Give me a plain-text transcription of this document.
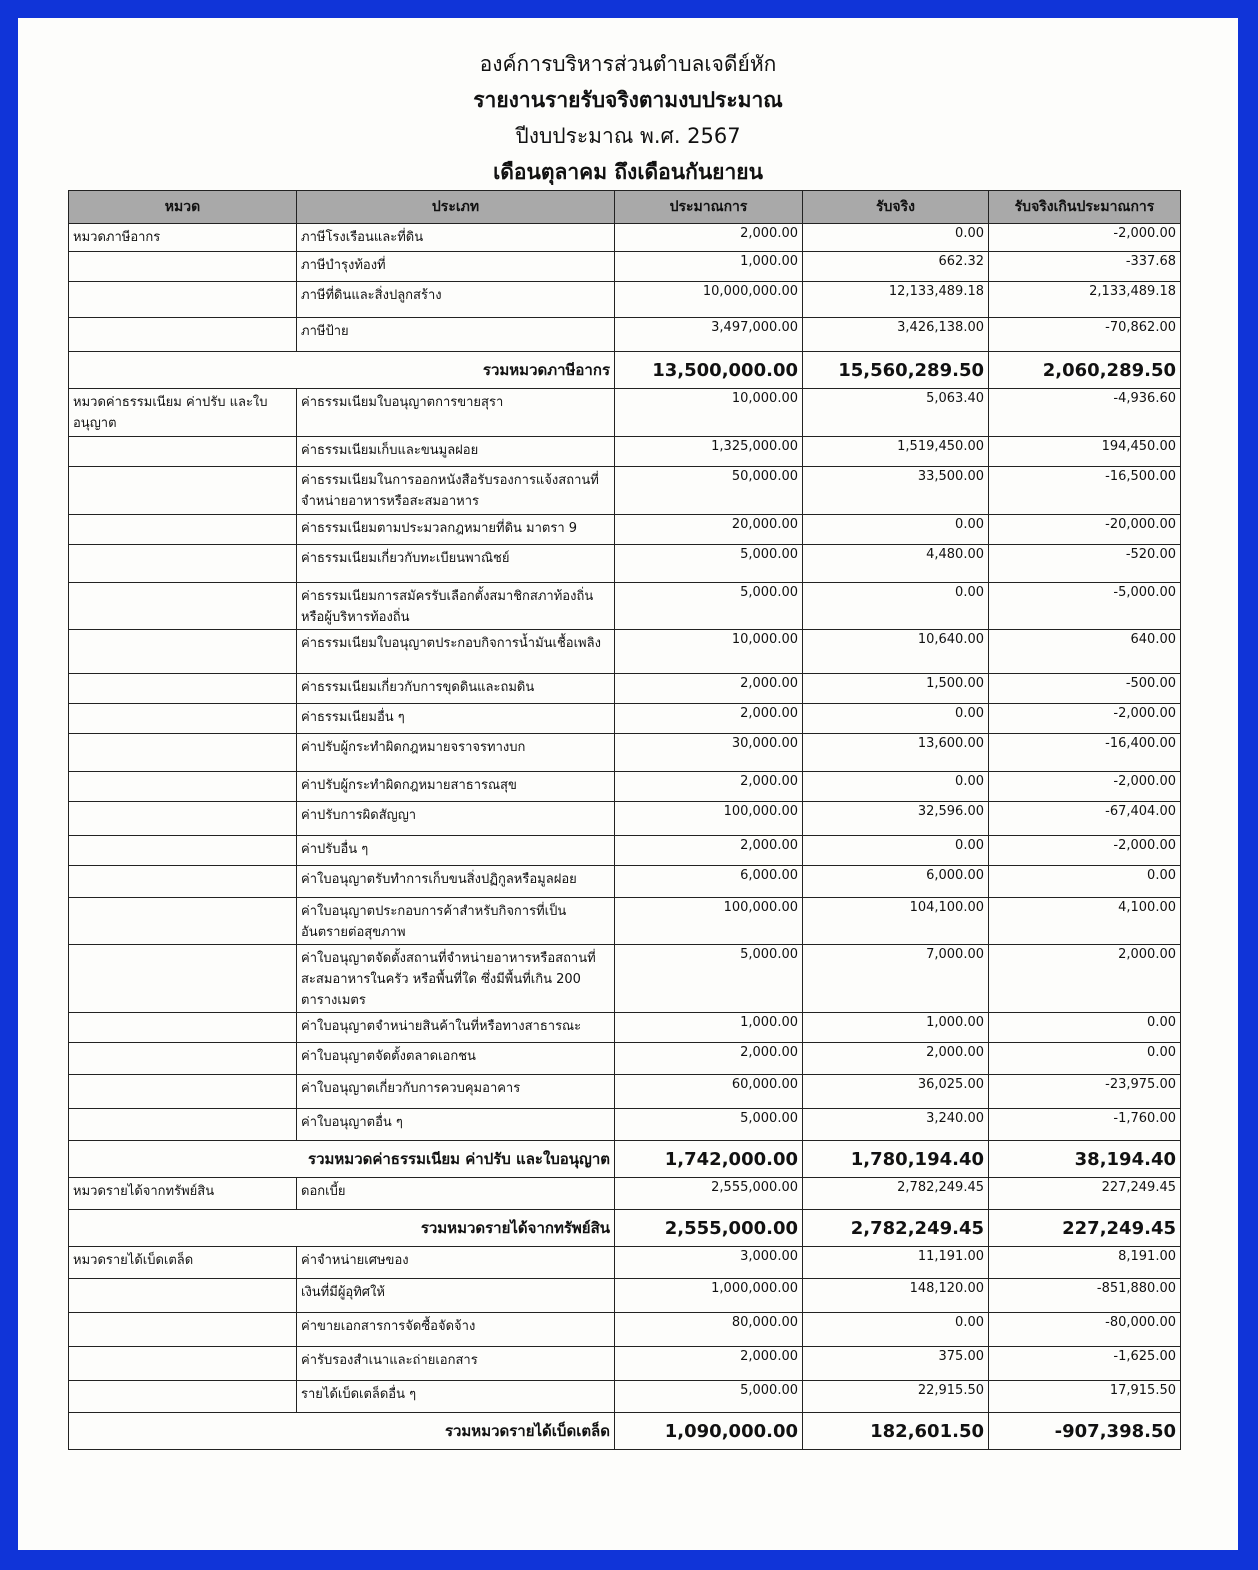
องค์การบริหารส่วนตำบลเจดีย์หัก
รายงานรายรับจริงตามงบประมาณ
ปีงบประมาณ พ.ศ. 2567
เดือนตุลาคม ถึงเดือนกันยายน
หมวด	ประเภท	ประมาณการ	รับจริง	รับจริงเกินประมาณการ
หมวดภาษีอากร	ภาษีโรงเรือนและที่ดิน	2,000.00	0.00	-2,000.00
	ภาษีบำรุงท้องที่	1,000.00	662.32	-337.68
	ภาษีที่ดินและสิ่งปลูกสร้าง	10,000,000.00	12,133,489.18	2,133,489.18
	ภาษีป้าย	3,497,000.00	3,426,138.00	-70,862.00
รวมหมวดภาษีอากร		13,500,000.00	15,560,289.50	2,060,289.50
หมวดค่าธรรมเนียม ค่าปรับ และใบอนุญาต	ค่าธรรมเนียมใบอนุญาตการขายสุรา	10,000.00	5,063.40	-4,936.60
	ค่าธรรมเนียมเก็บและขนมูลฝอย	1,325,000.00	1,519,450.00	194,450.00
	ค่าธรรมเนียมในการออกหนังสือรับรองการแจ้งสถานที่จำหน่ายอาหารหรือสะสมอาหาร	50,000.00	33,500.00	-16,500.00
	ค่าธรรมเนียมตามประมวลกฎหมายที่ดิน มาตรา 9	20,000.00	0.00	-20,000.00
	ค่าธรรมเนียมเกี่ยวกับทะเบียนพาณิชย์	5,000.00	4,480.00	-520.00
	ค่าธรรมเนียมการสมัครรับเลือกตั้งสมาชิกสภาท้องถิ่นหรือผู้บริหารท้องถิ่น	5,000.00	0.00	-5,000.00
	ค่าธรรมเนียมใบอนุญาตประกอบกิจการน้ำมันเชื้อเพลิง	10,000.00	10,640.00	640.00
	ค่าธรรมเนียมเกี่ยวกับการขุดดินและถมดิน	2,000.00	1,500.00	-500.00
	ค่าธรรมเนียมอื่น ๆ	2,000.00	0.00	-2,000.00
	ค่าปรับผู้กระทำผิดกฎหมายจราจรทางบก	30,000.00	13,600.00	-16,400.00
	ค่าปรับผู้กระทำผิดกฎหมายสาธารณสุข	2,000.00	0.00	-2,000.00
	ค่าปรับการผิดสัญญา	100,000.00	32,596.00	-67,404.00
	ค่าปรับอื่น ๆ	2,000.00	0.00	-2,000.00
	ค่าใบอนุญาตรับทำการเก็บขนสิ่งปฏิกูลหรือมูลฝอย	6,000.00	6,000.00	0.00
	ค่าใบอนุญาตประกอบการค้าสำหรับกิจการที่เป็นอันตรายต่อสุขภาพ	100,000.00	104,100.00	4,100.00
	ค่าใบอนุญาตจัดตั้งสถานที่จำหน่ายอาหารหรือสถานที่สะสมอาหารในครัว หรือพื้นที่ใด ซึ่งมีพื้นที่เกิน 200 ตารางเมตร	5,000.00	7,000.00	2,000.00
	ค่าใบอนุญาตจำหน่ายสินค้าในที่หรือทางสาธารณะ	1,000.00	1,000.00	0.00
	ค่าใบอนุญาตจัดตั้งตลาดเอกชน	2,000.00	2,000.00	0.00
	ค่าใบอนุญาตเกี่ยวกับการควบคุมอาคาร	60,000.00	36,025.00	-23,975.00
	ค่าใบอนุญาตอื่น ๆ	5,000.00	3,240.00	-1,760.00
รวมหมวดค่าธรรมเนียม ค่าปรับ และใบอนุญาต		1,742,000.00	1,780,194.40	38,194.40
หมวดรายได้จากทรัพย์สิน	ดอกเบี้ย	2,555,000.00	2,782,249.45	227,249.45
รวมหมวดรายได้จากทรัพย์สิน		2,555,000.00	2,782,249.45	227,249.45
หมวดรายได้เบ็ดเตล็ด	ค่าจำหน่ายเศษของ	3,000.00	11,191.00	8,191.00
	เงินที่มีผู้อุทิศให้	1,000,000.00	148,120.00	-851,880.00
	ค่าขายเอกสารการจัดซื้อจัดจ้าง	80,000.00	0.00	-80,000.00
	ค่ารับรองสำเนาและถ่ายเอกสาร	2,000.00	375.00	-1,625.00
	รายได้เบ็ดเตล็ดอื่น ๆ	5,000.00	22,915.50	17,915.50
รวมหมวดรายได้เบ็ดเตล็ด		1,090,000.00	182,601.50	-907,398.50
